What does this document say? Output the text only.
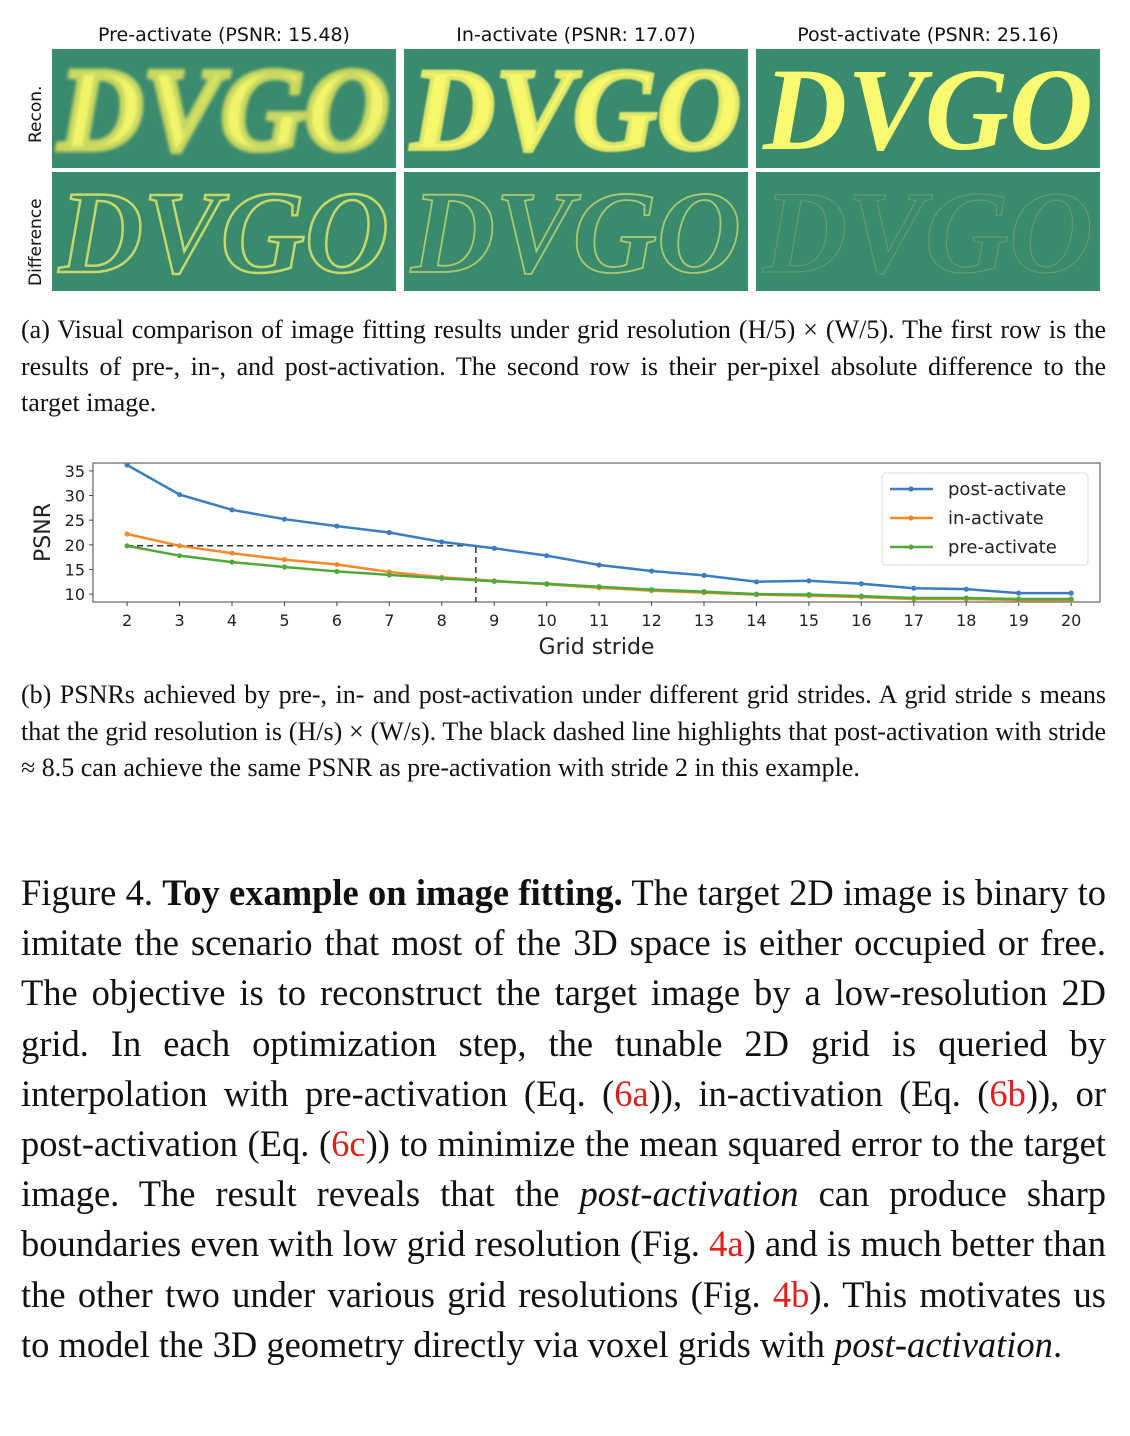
Pre-activate (PSNR: 15.48)	In-activate (PSNR: 17.07)	Post-activate (PSNR: 25.16)
Recon.
Difference
DVGO DVGO DVGO
DVGO DVGO DVGO
(a) Visual comparison of image fitting results under grid resolution (H/5) × (W/5). The first row is the results of pre-, in-, and post-activation. The second row is their per-pixel absolute difference to the target image.
10
15
20
25
30
35
2	3	4	5	6	7	8	9 10 11 12 13 14 15 16 17 18 19 20
Grid stride
PSNR
post-activate
in-activate
pre-activate
(b) PSNRs achieved by pre-, in- and post-activation under different grid strides. A grid stride s means that the grid resolution is (H/s) × (W/s). The black dashed line highlights that post-activation with stride ≈ 8.5 can achieve the same PSNR as pre-activation with stride 2 in this example.
Figure 4. Toy example on image fitting. The target 2D image is binary to imitate the scenario that most of the 3D space is either occupied or free. The objective is to reconstruct the target image by a low-resolution 2D grid. In each optimization step, the tunable 2D grid is queried by interpolation with pre-activation (Eq. (6a)), in-activation (Eq. (6b)), or post-activation (Eq. (6c)) to minimize the mean squared error to the target image. The result reveals that the post-activation can produce sharp boundaries even with low grid resolution (Fig. 4a) and is much better than the other two under various grid resolutions (Fig. 4b). This motivates us to model the 3D geometry directly via voxel grids with post-activation.
